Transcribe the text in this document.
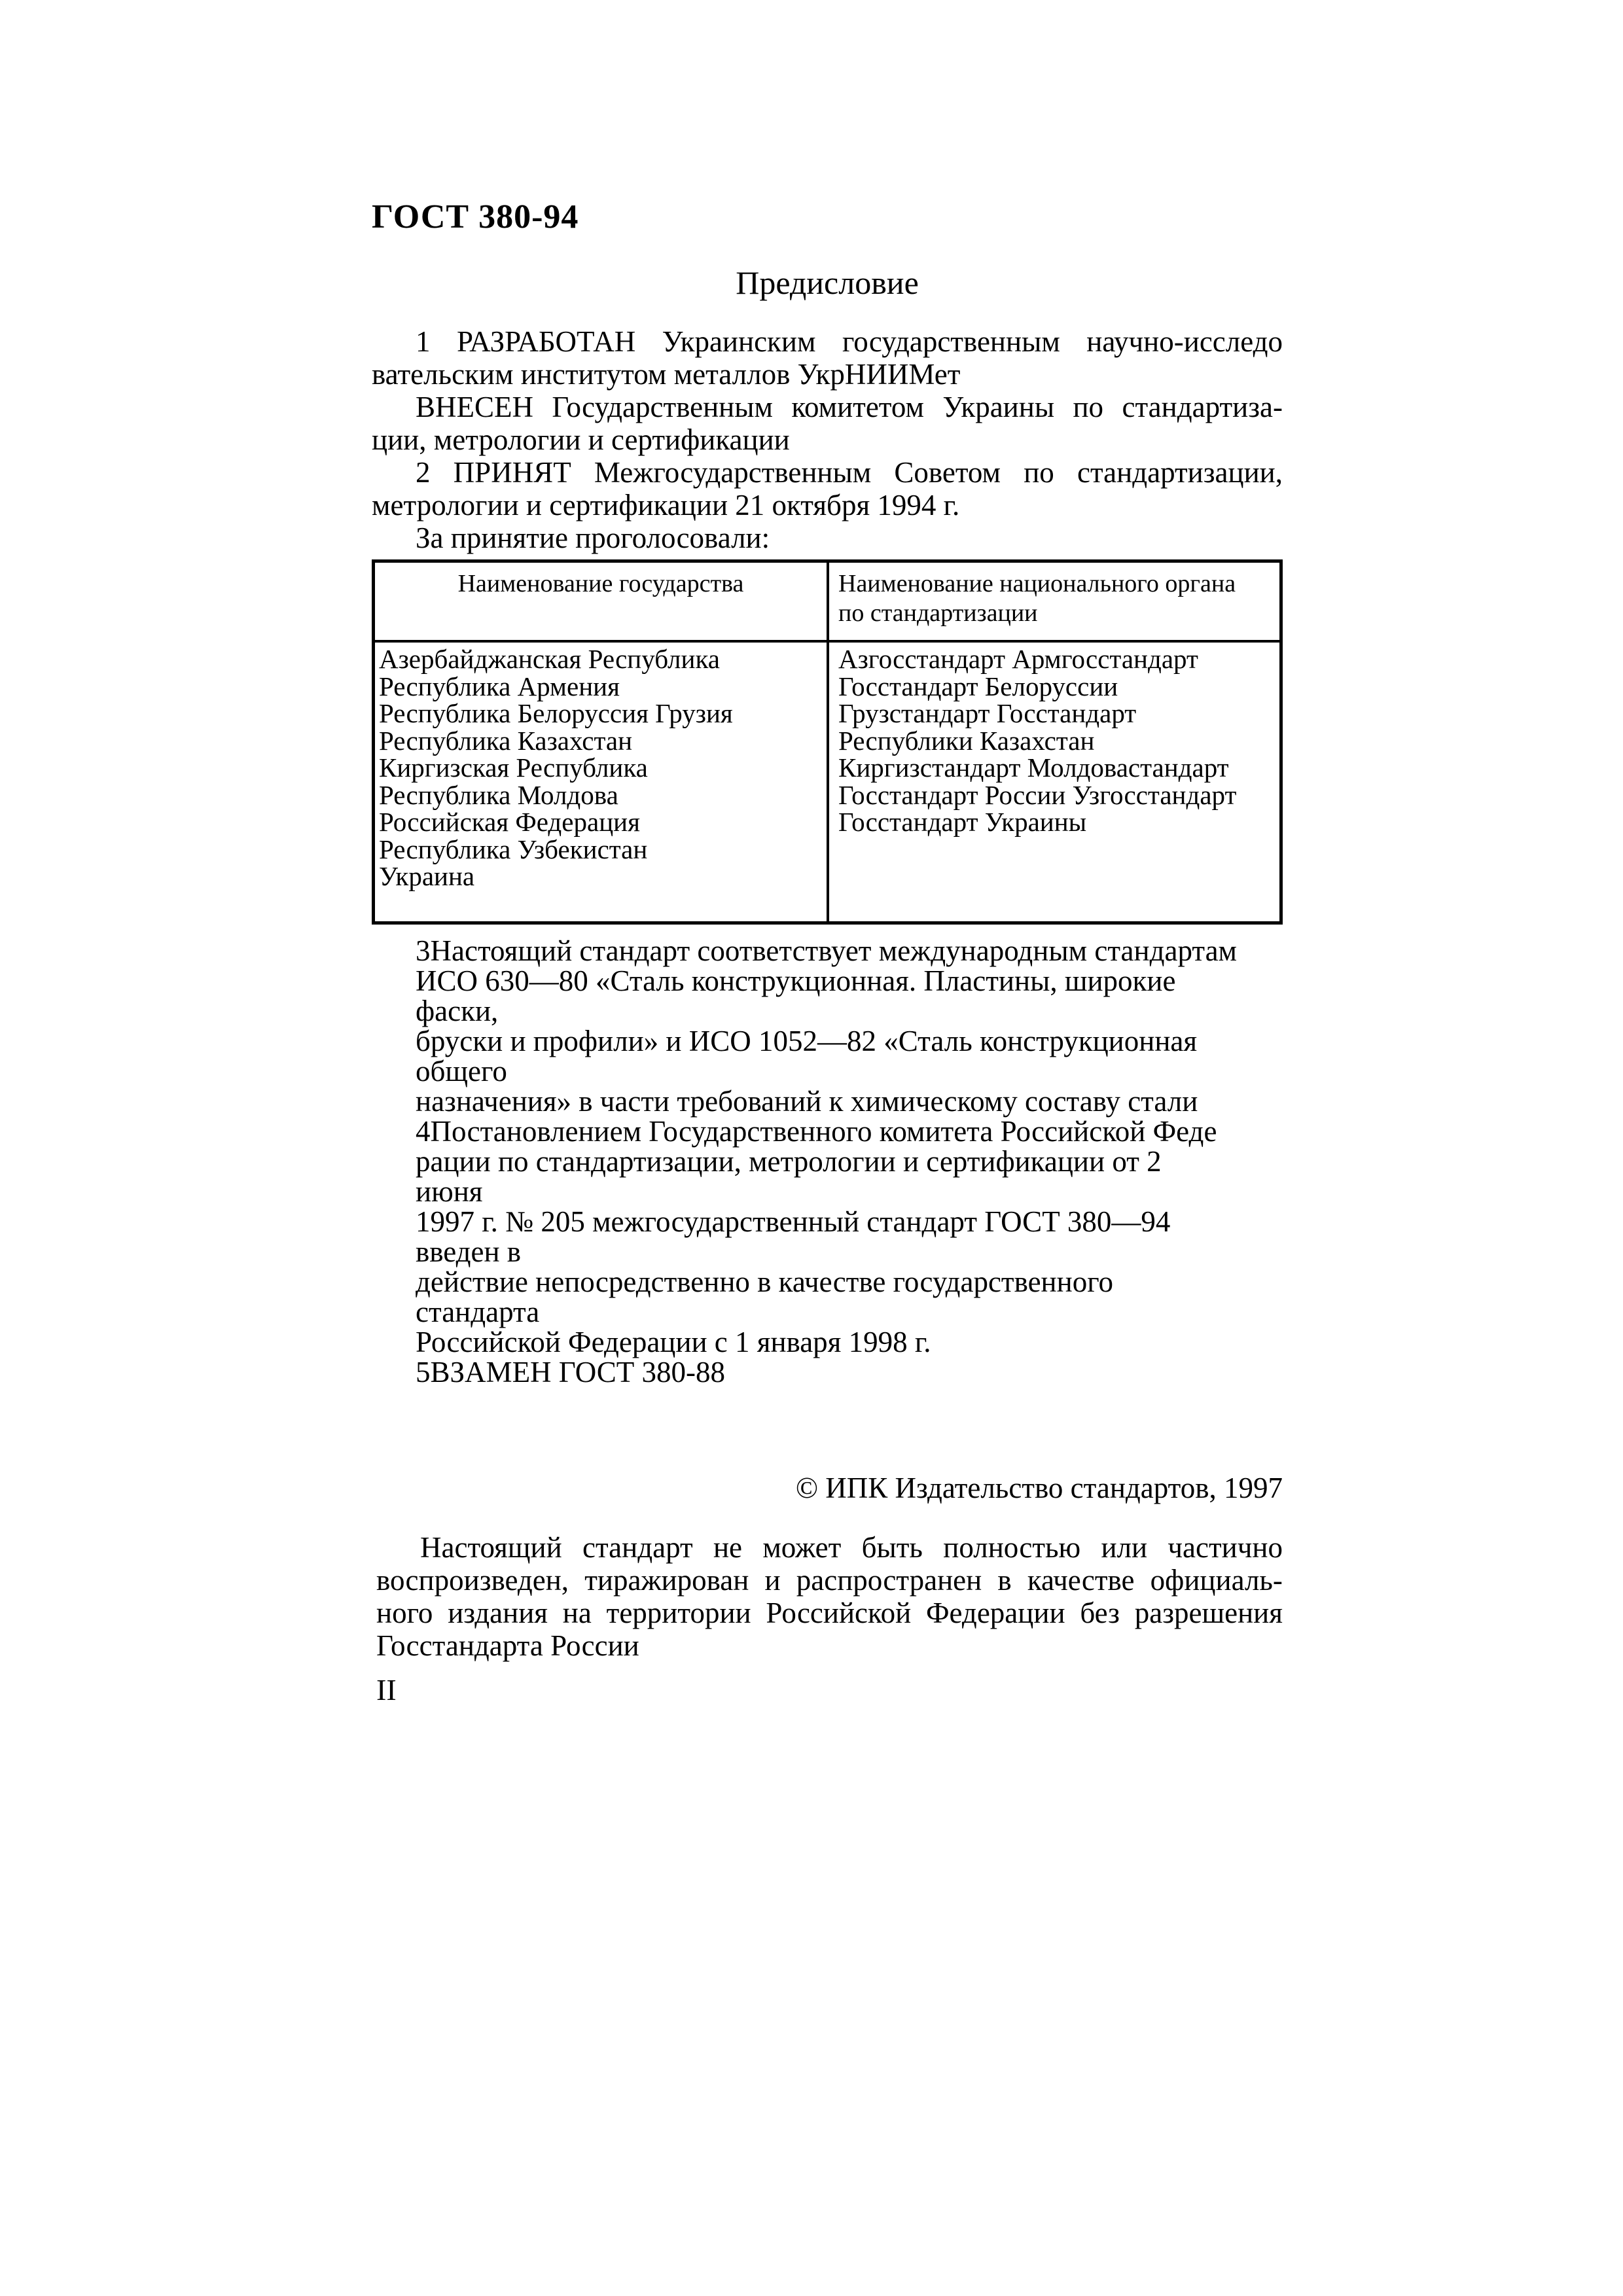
ГОСТ 380-94
Предисловие
1 РАЗРАБОТАН Украинским государственным научно-исследо
вательским институтом металлов УкрНИИМет
ВНЕСЕН Государственным комитетом Украины по стандартиза-
ции, метрологии и сертификации
2 ПРИНЯТ Межгосударственным Советом по стандартизации,
метрологии и сертификации 21 октября 1994 г.
За принятие проголосовали:
Наименование государства	Наименование национального органа
по стандартизации
Азербайджанская Республика
Республика Армения
Республика Белоруссия Грузия
Республика Казахстан
Киргизская Республика
Республика Молдова
Российская Федерация
Республика Узбекистан
Украина
Азгосстандарт Армгосстандарт
Госстандарт Белоруссии
Грузстандарт Госстандарт
Республики Казахстан
Киргизстандарт Молдовастандарт
Госстандарт России Узгосстандарт
Госстандарт Украины
3Настоящий стандарт соответствует международным стандартам
ИСО 630—80 «Сталь конструкционная. Пластины, широкие
фаски,
бруски и профили» и ИСО 1052—82 «Сталь конструкционная
общего
назначения» в части требований к химическому составу стали
4Постановлением Государственного комитета Российской Феде
рации по стандартизации, метрологии и сертификации от 2
июня
1997 г. № 205 межгосударственный стандарт ГОСТ 380—94
введен в
действие непосредственно в качестве государственного
стандарта
Российской Федерации с 1 января 1998 г.
5ВЗАМЕН ГОСТ 380-88
© ИПК Издательство стандартов, 1997
Настоящий стандарт не может быть полностью или частично
воспроизведен, тиражирован и распространен в качестве официаль-
ного издания на территории Российской Федерации без разрешения
Госстандарта России
II
